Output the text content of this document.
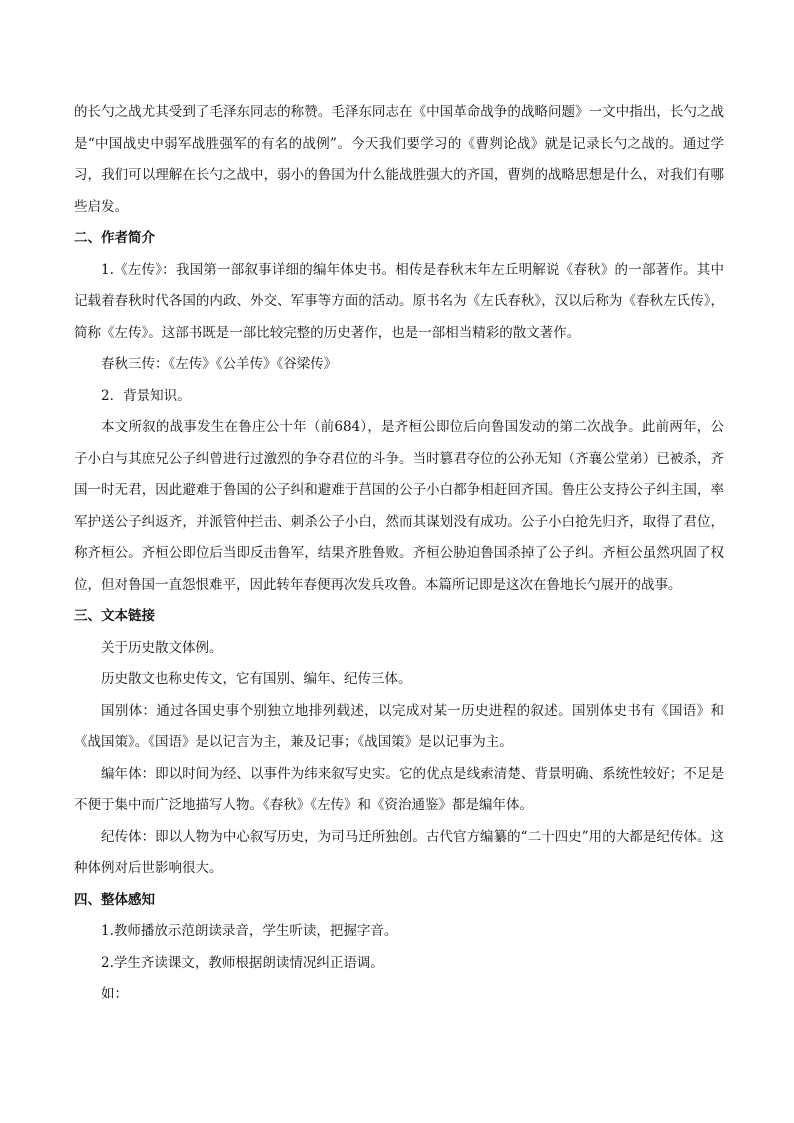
的长勺之战尤其受到了毛泽东同志的称赞。毛泽东同志在《中国革命战争的战略问题》一文中指出，长勺之战是“中国战史中弱军战胜强军的有名的战例”。今天我们要学习的《曹刿论战》就是记录长勺之战的。通过学习，我们可以理解在长勺之战中，弱小的鲁国为什么能战胜强大的齐国，曹刿的战略思想是什么，对我们有哪些启发。

二、作者简介

1.《左传》：我国第一部叙事详细的编年体史书。相传是春秋末年左丘明解说《春秋》的一部著作。其中记载着春秋时代各国的内政、外交、军事等方面的活动。原书名为《左氏春秋》，汉以后称为《春秋左氏传》，简称《左传》。这部书既是一部比较完整的历史著作，也是一部相当精彩的散文著作。

春秋三传：《左传》《公羊传》《谷梁传》

2．背景知识。

本文所叙的战事发生在鲁庄公十年（前684），是齐桓公即位后向鲁国发动的第二次战争。此前两年，公子小白与其庶兄公子纠曾进行过激烈的争夺君位的斗争。当时篡君夺位的公孙无知（齐襄公堂弟）已被杀，齐国一时无君，因此避难于鲁国的公子纠和避难于莒国的公子小白都争相赶回齐国。鲁庄公支持公子纠主国，率军护送公子纠返齐，并派管仲拦击、刺杀公子小白，然而其谋划没有成功。公子小白抢先归齐，取得了君位，称齐桓公。齐桓公即位后当即反击鲁军，结果齐胜鲁败。齐桓公胁迫鲁国杀掉了公子纠。齐桓公虽然巩固了权位，但对鲁国一直怨恨难平，因此转年春便再次发兵攻鲁。本篇所记即是这次在鲁地长勺展开的战事。

三、文本链接

关于历史散文体例。

历史散文也称史传文，它有国别、编年、纪传三体。

国别体：通过各国史事个别独立地排列载述，以完成对某一历史进程的叙述。国别体史书有《国语》和《战国策》。《国语》是以记言为主，兼及记事；《战国策》是以记事为主。

编年体：即以时间为经、以事件为纬来叙写史实。它的优点是线索清楚、背景明确、系统性较好；不足是不便于集中而广泛地描写人物。《春秋》《左传》和《资治通鉴》都是编年体。

纪传体：即以人物为中心叙写历史，为司马迁所独创。古代官方编纂的“二十四史”用的大都是纪传体。这种体例对后世影响很大。

四、整体感知

1.教师播放示范朗读录音，学生听读，把握字音。

2.学生齐读课文，教师根据朗读情况纠正语调。

如：
